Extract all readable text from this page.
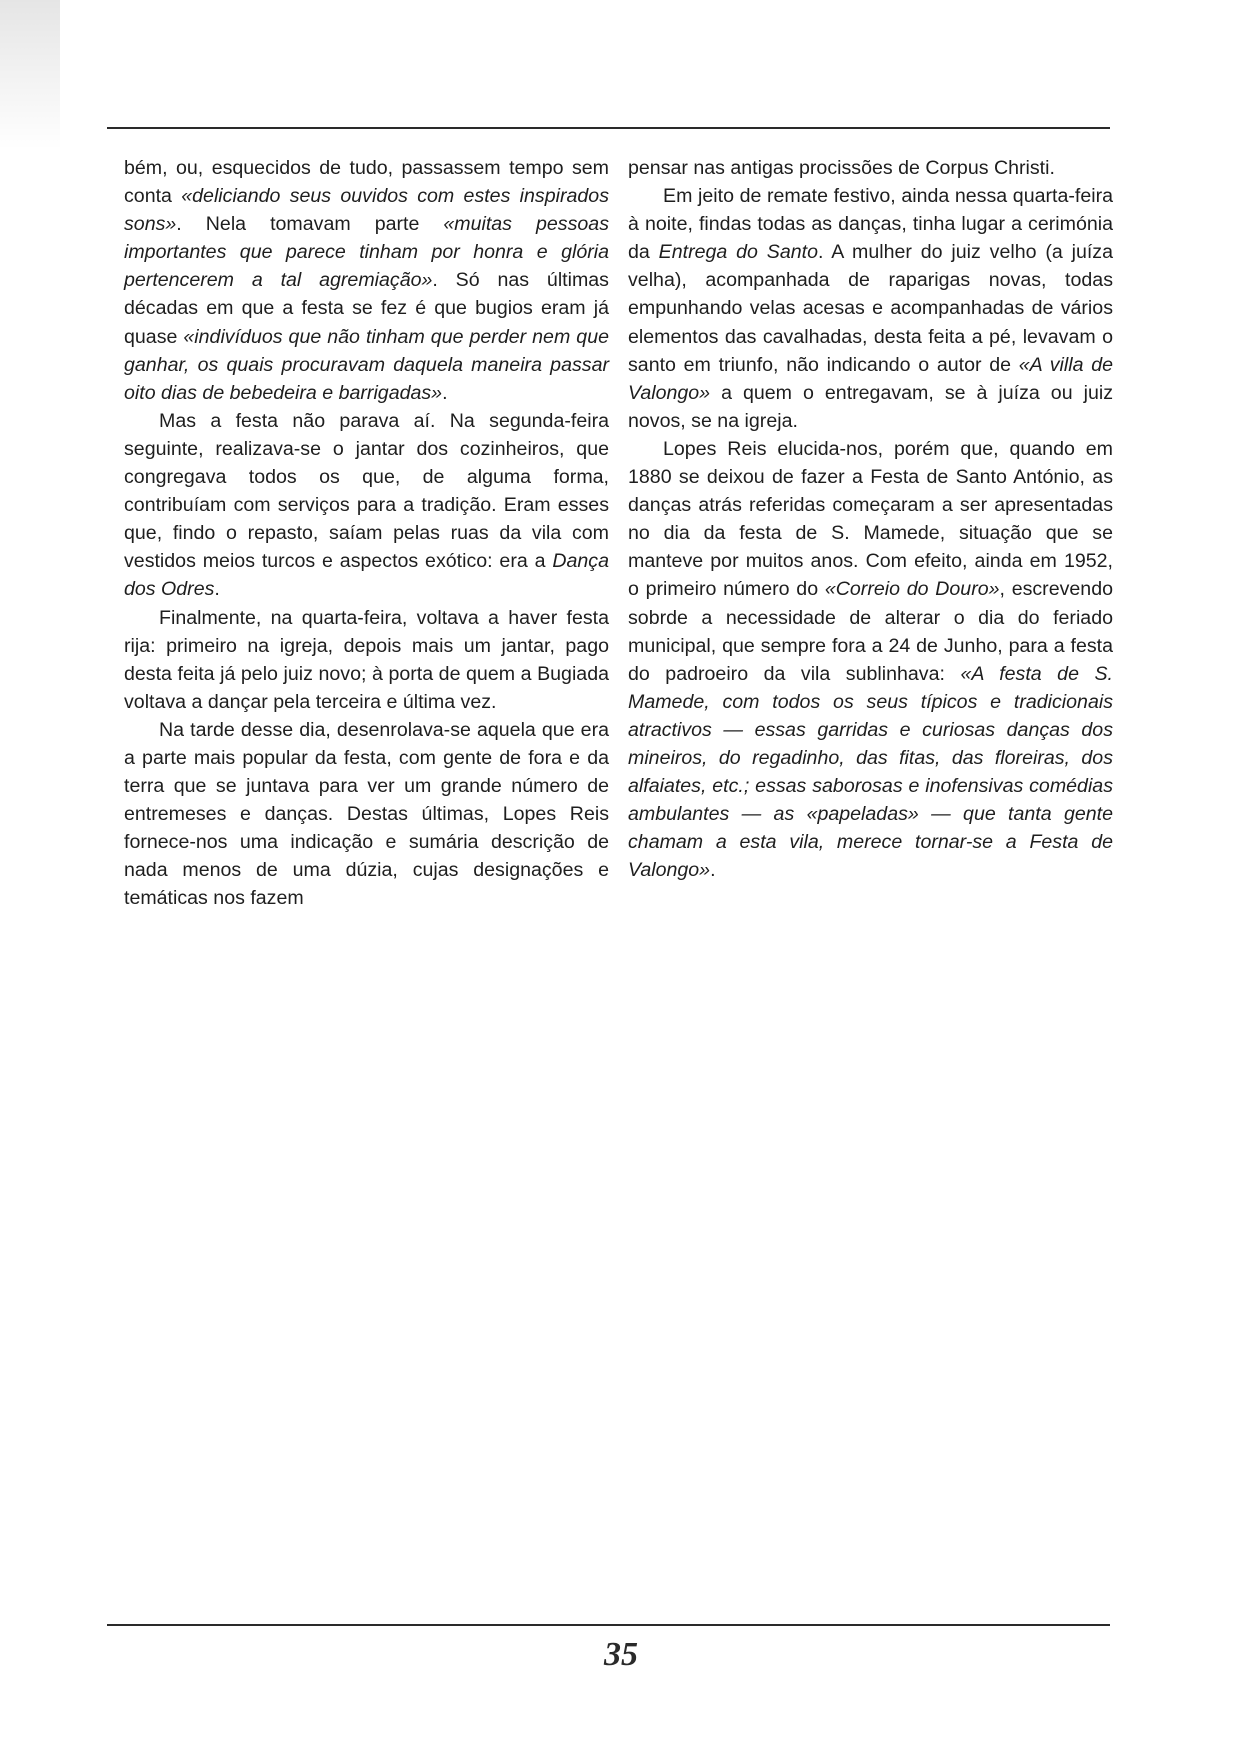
bém, ou, esquecidos de tudo, passassem tempo sem conta «deliciando seus ouvidos com estes inspirados sons». Nela tomavam parte «muitas pessoas importantes que parece tinham por honra e glória pertencerem a tal agremiação». Só nas últimas décadas em que a festa se fez é que bugios eram já quase «indivíduos que não tinham que perder nem que ganhar, os quais procuravam daquela maneira passar oito dias de bebedeira e barrigadas».

Mas a festa não parava aí. Na segunda-feira seguinte, realizava-se o jantar dos cozinheiros, que congregava todos os que, de alguma forma, contribuíam com serviços para a tradição. Eram esses que, findo o repasto, saíam pelas ruas da vila com vestidos meios turcos e aspectos exótico: era a Dança dos Odres.

Finalmente, na quarta-feira, voltava a haver festa rija: primeiro na igreja, depois mais um jantar, pago desta feita já pelo juiz novo; à porta de quem a Bugiada voltava a dançar pela terceira e última vez.

Na tarde desse dia, desenrolava-se aquela que era a parte mais popular da festa, com gente de fora e da terra que se juntava para ver um grande número de entremeses e danças. Destas últimas, Lopes Reis fornece-nos uma indicação e sumária descrição de nada menos de uma dúzia, cujas designações e temáticas nos fazem

pensar nas antigas procissões de Corpus Christi.

Em jeito de remate festivo, ainda nessa quarta-feira à noite, findas todas as danças, tinha lugar a cerimónia da Entrega do Santo. A mulher do juiz velho (a juíza velha), acompanhada de raparigas novas, todas empunhando velas acesas e acompanhadas de vários elementos das cavalhadas, desta feita a pé, levavam o santo em triunfo, não indicando o autor de «A villa de Valongo» a quem o entregavam, se à juíza ou juiz novos, se na igreja.

Lopes Reis elucida-nos, porém que, quando em 1880 se deixou de fazer a Festa de Santo António, as danças atrás referidas começaram a ser apresentadas no dia da festa de S. Mamede, situação que se manteve por muitos anos. Com efeito, ainda em 1952, o primeiro número do «Correio do Douro», escrevendo sobrde a necessidade de alterar o dia do feriado municipal, que sempre fora a 24 de Junho, para a festa do padroeiro da vila sublinhava: «A festa de S. Mamede, com todos os seus típicos e tradicionais atractivos — essas garridas e curiosas danças dos mineiros, do regadinho, das fitas, das floreiras, dos alfaiates, etc.; essas saborosas e inofensivas comédias ambulantes — as «papeladas» — que tanta gente chamam a esta vila, merece tornar-se a Festa de Valongo».

35
